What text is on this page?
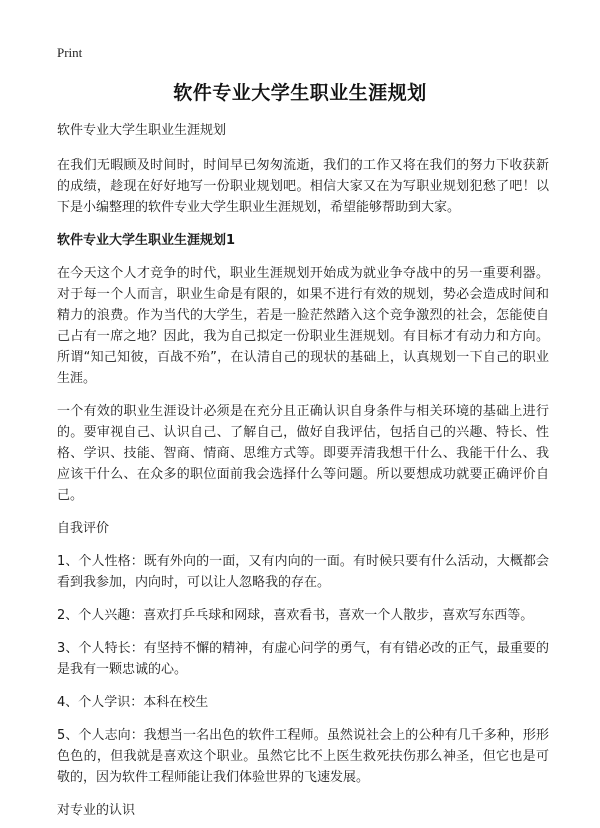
Print
软件专业大学生职业生涯规划

软件专业大学生职业生涯规划

在我们无暇顾及时间时，时间早已匆匆流逝，我们的工作又将在我们的努力下收获新的成绩，趁现在好好地写一份职业规划吧。相信大家又在为写职业规划犯愁了吧！以下是小编整理的软件专业大学生职业生涯规划，希望能够帮助到大家。

软件专业大学生职业生涯规划1

在今天这个人才竞争的时代，职业生涯规划开始成为就业争夺战中的另一重要利器。对于每一个人而言，职业生命是有限的，如果不进行有效的规划，势必会造成时间和精力的浪费。作为当代的大学生，若是一脸茫然踏入这个竞争激烈的社会，怎能使自己占有一席之地？因此，我为自己拟定一份职业生涯规划。有目标才有动力和方向。所谓“知己知彼，百战不殆”，在认清自己的现状的基础上，认真规划一下自己的职业生涯。

一个有效的职业生涯设计必须是在充分且正确认识自身条件与相关环境的基础上进行的。要审视自己、认识自己、了解自己，做好自我评估，包括自己的兴趣、特长、性格、学识、技能、智商、情商、思维方式等。即要弄清我想干什么、我能干什么、我应该干什么、在众多的职位面前我会选择什么等问题。所以要想成功就要正确评价自己。

自我评价

1、个人性格：既有外向的一面，又有内向的一面。有时候只要有什么活动，大概都会看到我参加，内向时，可以让人忽略我的存在。

2、个人兴趣：喜欢打乒乓球和网球，喜欢看书，喜欢一个人散步，喜欢写东西等。

3、个人特长：有坚持不懈的精神，有虚心问学的勇气，有有错必改的正气，最重要的是我有一颗忠诚的心。

4、个人学识：本科在校生

5、个人志向：我想当一名出色的软件工程师。虽然说社会上的公种有几千多种，形形色色的，但我就是喜欢这个职业。虽然它比不上医生救死扶伤那么神圣，但它也是可敬的，因为软件工程师能让我们体验世界的飞速发展。

对专业的认识
